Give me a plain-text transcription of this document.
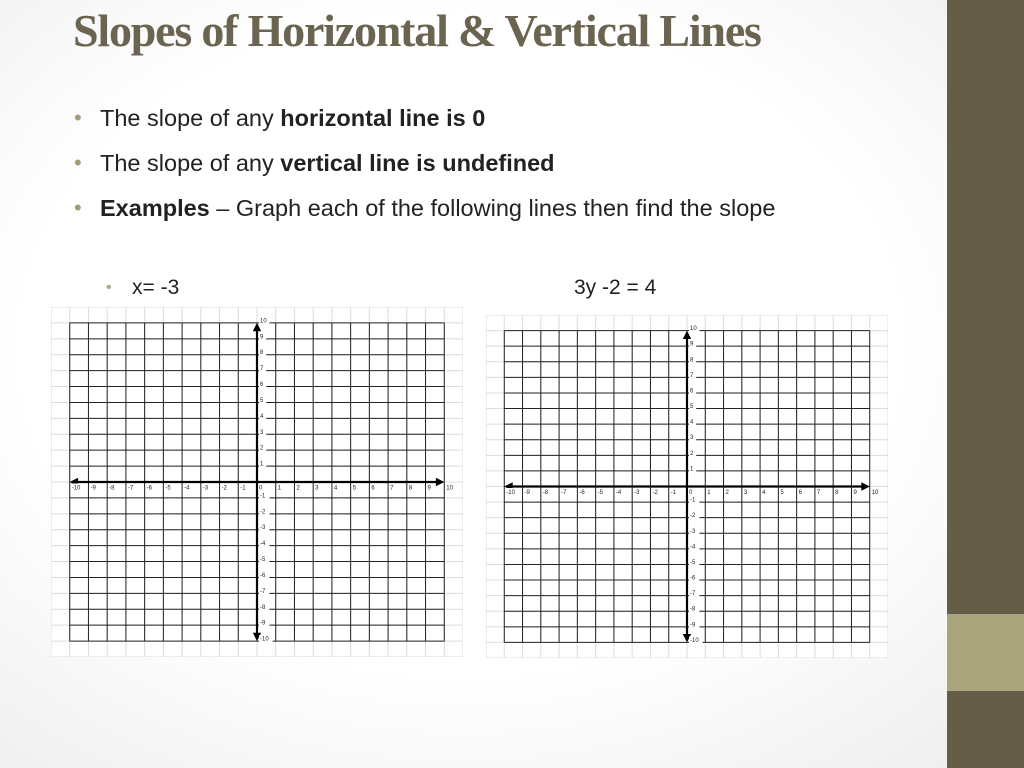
Slopes of Horizontal & Vertical Lines
• The slope of any horizontal line is 0
• The slope of any vertical line is undefined
• Examples – Graph each of the following lines then find the slope
• x= -3	3y -2 = 4
-10 -9 -8 -7 -6 -5 -4 -3 -2 -1 0	1	2	3	4	5	6	7	8	9	10
10
9
8
7
6
5
4
3
2
1
-1
-2
-3
-4
-5
-6
-7
-8
-9
-10
-10 -9 -8 -7 -6 -5 -4 -3 -2 -1 0 1 2 3 4 5 6 7 8 9 10
10
9
8
7
6
5
4
3
2
1
-1
-2
-3
-4
-5
-6
-7
-8
-9
-10
